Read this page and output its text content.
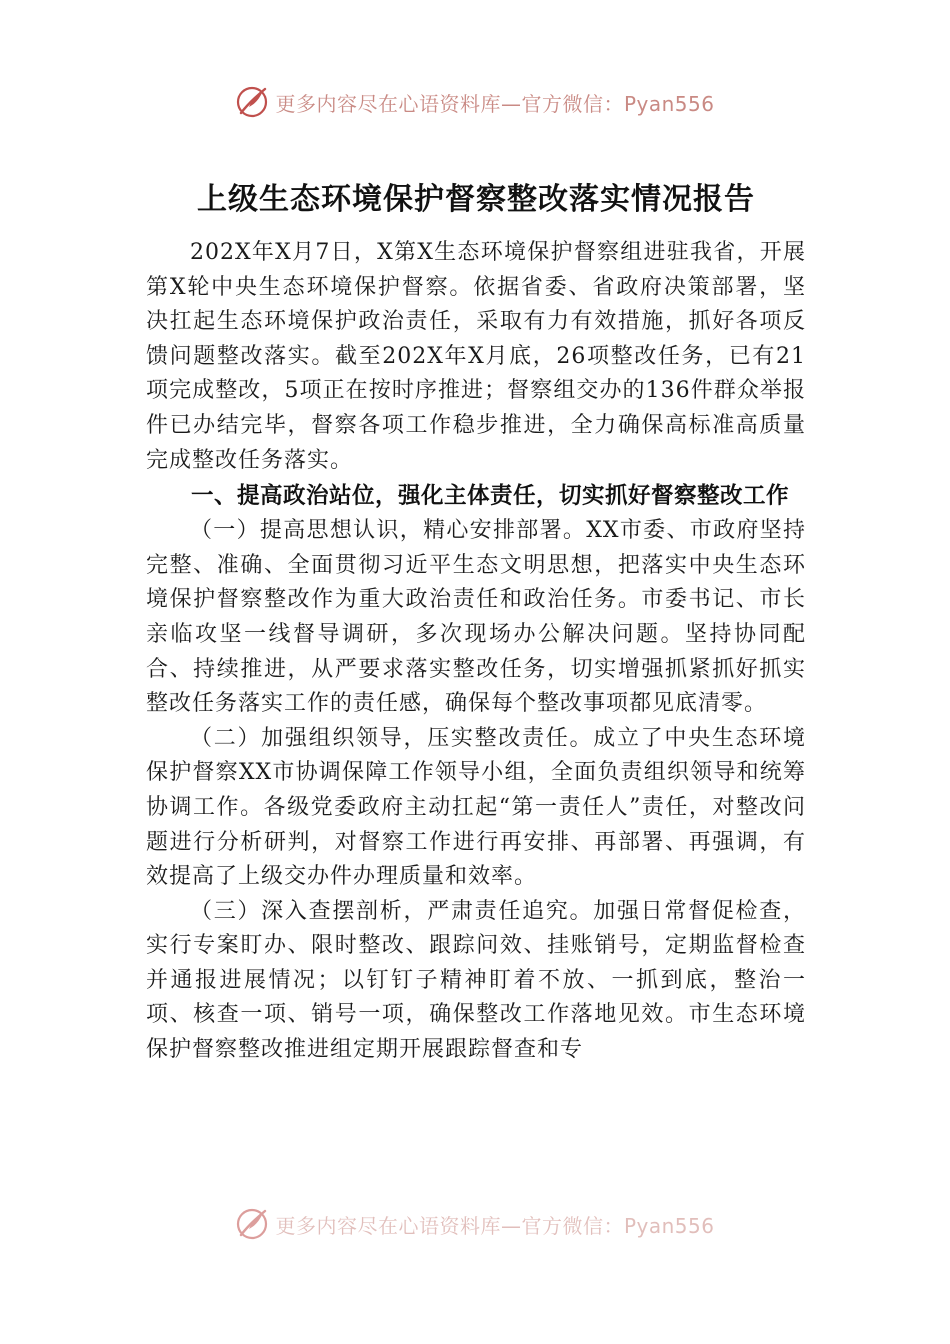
更多内容尽在心语资料库—官方微信：Pyan556
上级生态环境保护督察整改落实情况报告

202X年X月7日，X第X生态环境保护督察组进驻我省，开展第X轮中央生态环境保护督察。依据省委、省政府决策部署，坚决扛起生态环境保护政治责任，采取有力有效措施，抓好各项反馈问题整改落实。截至202X年X月底，26项整改任务，已有21项完成整改，5项正在按时序推进；督察组交办的136件群众举报件已办结完毕，督察各项工作稳步推进，全力确保高标准高质量完成整改任务落实。

一、提高政治站位，强化主体责任，切实抓好督察整改工作

（一）提高思想认识，精心安排部署。XX市委、市政府坚持完整、准确、全面贯彻习近平生态文明思想，把落实中央生态环境保护督察整改作为重大政治责任和政治任务。市委书记、市长亲临攻坚一线督导调研，多次现场办公解决问题。坚持协同配合、持续推进，从严要求落实整改任务，切实增强抓紧抓好抓实整改任务落实工作的责任感，确保每个整改事项都见底清零。

（二）加强组织领导，压实整改责任。成立了中央生态环境保护督察XX市协调保障工作领导小组，全面负责组织领导和统筹协调工作。各级党委政府主动扛起“第一责任人”责任，对整改问题进行分析研判，对督察工作进行再安排、再部署、再强调，有效提高了上级交办件办理质量和效率。

（三）深入查摆剖析，严肃责任追究。加强日常督促检查，实行专案盯办、限时整改、跟踪问效、挂账销号，定期监督检查并通报进展情况；以钉钉子精神盯着不放、一抓到底，整治一项、核查一项、销号一项，确保整改工作落地见效。市生态环境保护督察整改推进组定期开展跟踪督查和专

更多内容尽在心语资料库—官方微信：Pyan556
